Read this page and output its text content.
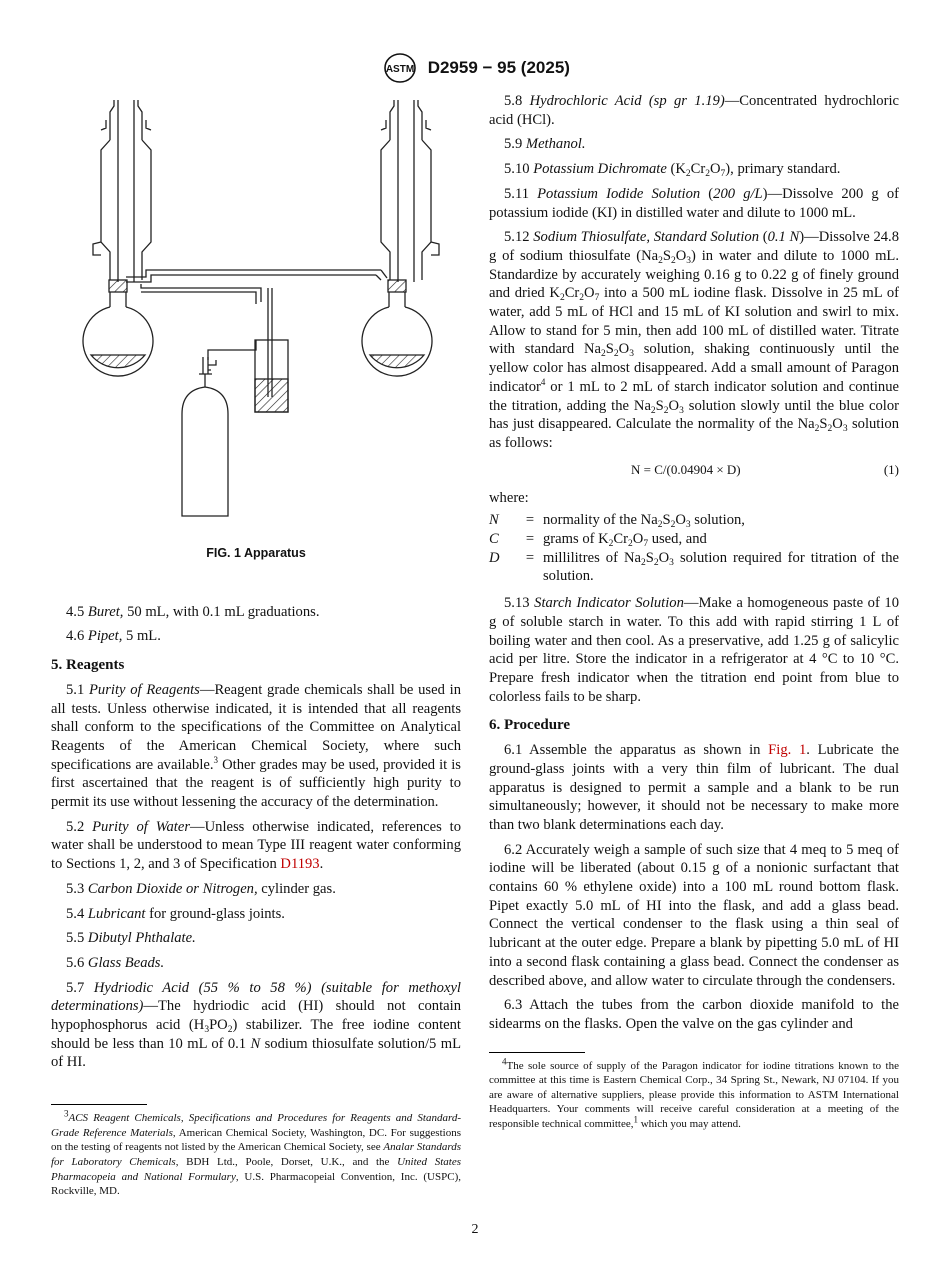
ASTM D2959 − 95 (2025)
FIG. 1 Apparatus

4.5 Buret, 50 mL, with 0.1 mL graduations.

4.6 Pipet, 5 mL.

5. Reagents

5.1 Purity of Reagents—Reagent grade chemicals shall be used in all tests. Unless otherwise indicated, it is intended that all reagents shall conform to the specifications of the Committee on Analytical Reagents of the American Chemical Society, where such specifications are available.$^3$ Other grades may be used, provided it is first ascertained that the reagent is of sufficiently high purity to permit its use without lessening the accuracy of the determination.

5.2 Purity of Water—Unless otherwise indicated, references to water shall be understood to mean Type III reagent water conforming to Sections 1, 2, and 3 of Specification D1193.

5.3 Carbon Dioxide or Nitrogen, cylinder gas.

5.4 Lubricant for ground-glass joints.

5.5 Dibutyl Phthalate.

5.6 Glass Beads.

5.7 Hydriodic Acid (55 % to 58 %) (suitable for methoxyl determinations)—The hydriodic acid (HI) should not contain hypophosphorus acid $(H_3PO_2)$ stabilizer. The free iodine content should be less than 10 mL of 0.1 N sodium thiosulfate solution/5 mL of HI.

$^3$ACS Reagent Chemicals, Specifications and Procedures for Reagents and Standard-Grade Reference Materials, American Chemical Society, Washington, DC. For suggestions on the testing of reagents not listed by the American Chemical Society, see Analar Standards for Laboratory Chemicals, BDH Ltd., Poole, Dorset, U.K., and the United States Pharmacopeia and National Formulary, U.S. Pharmacopeial Convention, Inc. (USPC), Rockville, MD.

5.8 Hydrochloric Acid (sp gr 1.19)—Concentrated hydrochloric acid (HCl).

5.9 Methanol.

5.10 Potassium Dichromate $(K_2Cr_2O_7)$, primary standard.

5.11 Potassium Iodide Solution (200 g/L)—Dissolve 200 g of potassium iodide (KI) in distilled water and dilute to 1000 mL.

5.12 Sodium Thiosulfate, Standard Solution (0.1 N)—Dissolve 24.8 g of sodium thiosulfate $(Na_2S_2O_3)$ in water and dilute to 1000 mL. Standardize by accurately weighing 0.16 g to 0.22 g of finely ground and dried $K_2Cr_2O_7$ into a 500 mL iodine flask. Dissolve in 25 mL of water, add 5 mL of HCl and 15 mL of KI solution and swirl to mix. Allow to stand for 5 min, then add 100 mL of distilled water. Titrate with standard $Na_2S_2O_3$ solution, shaking continuously until the yellow color has almost disappeared. Add a small amount of Paragon indicator$^4$ or 1 mL to 2 mL of starch indicator solution and continue the titration, adding the $Na_2S_2O_3$ solution slowly until the blue color has just disappeared. Calculate the normality of the $Na_2S_2O_3$ solution as follows:

N = C/(0.04904 × D)	(1)
where:
N	=	normality of the $Na_2S_2O_3$ solution,
C	=	grams of $K_2Cr_2O_7$ used, and
D	=	millilitres of $Na_2S_2O_3$ solution required for titration of the solution.

5.13 Starch Indicator Solution—Make a homogeneous paste of 10 g of soluble starch in water. To this add with rapid stirring 1 L of boiling water and then cool. As a preservative, add 1.25 g of salicylic acid per litre. Store the indicator in a refrigerator at 4 °C to 10 °C. Prepare fresh indicator when the titration end point from blue to colorless fails to be sharp.

6. Procedure

6.1 Assemble the apparatus as shown in Fig. 1. Lubricate the ground-glass joints with a very thin film of lubricant. The dual apparatus is designed to permit a sample and a blank to be run simultaneously; however, it should not be necessary to make more than two blank determinations each day.

6.2 Accurately weigh a sample of such size that 4 meq to 5 meq of iodine will be liberated (about 0.15 g of a nonionic surfactant that contains 60 % ethylene oxide) into a 100 mL round bottom flask. Pipet exactly 5.0 mL of HI into the flask, and add a glass bead. Connect the vertical condenser to the flask using a thin seal of lubricant at the outer edge. Prepare a blank by pipetting 5.0 mL of HI into a second flask containing a glass bead. Connect the condenser as described above, and allow water to circulate through the condensers.

6.3 Attach the tubes from the carbon dioxide manifold to the sidearms on the flasks. Open the valve on the gas cylinder and

$^4$The sole source of supply of the Paragon indicator for iodine titrations known to the committee at this time is Eastern Chemical Corp., 34 Spring St., Newark, NJ 07104. If you are aware of alternative suppliers, please provide this information to ASTM International Headquarters. Your comments will receive careful consideration at a meeting of the responsible technical committee,$^1$ which you may attend.

2
